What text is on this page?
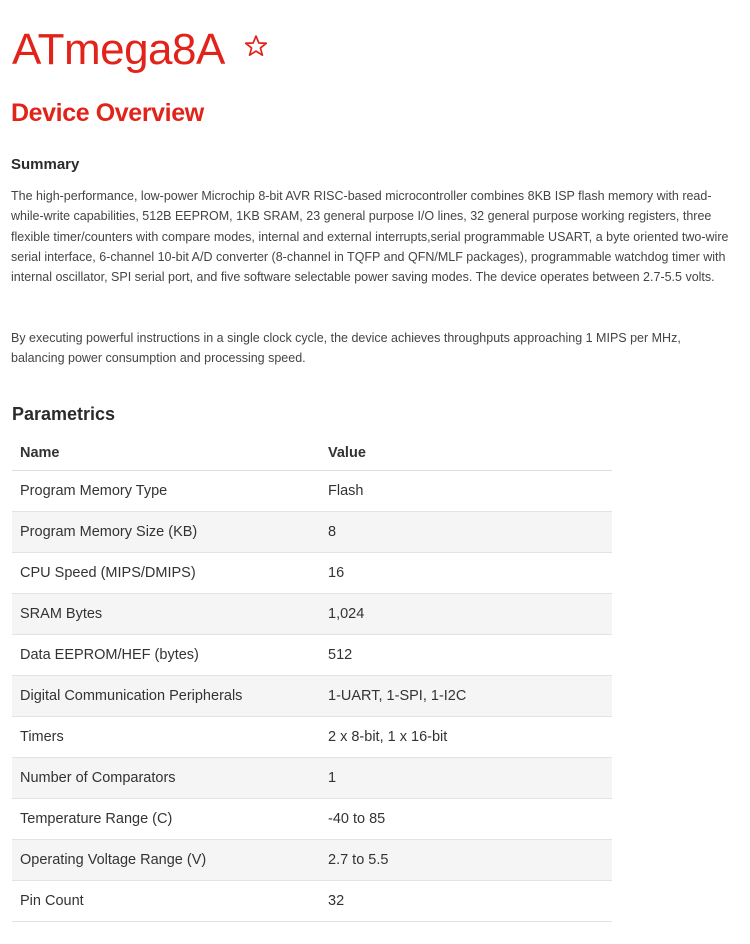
ATmega8A
Device Overview
Summary

The high-performance, low-power Microchip 8-bit AVR RISC-based microcontroller combines 8KB ISP flash memory with read-while-write capabilities, 512B EEPROM, 1KB SRAM, 23 general purpose I/O lines, 32 general purpose working registers, three flexible timer/counters with compare modes, internal and external interrupts,serial programmable USART, a byte oriented two-wire serial interface, 6-channel 10-bit A/D converter (8-channel in TQFP and QFN/MLF packages), programmable watchdog timer with internal oscillator, SPI serial port, and five software selectable power saving modes. The device operates between 2.7-5.5 volts.

By executing powerful instructions in a single clock cycle, the device achieves throughputs approaching 1 MIPS per MHz, balancing power consumption and processing speed.

Parametrics
Name	Value
Program Memory Type	Flash
Program Memory Size (KB)	8
CPU Speed (MIPS/DMIPS)	16
SRAM Bytes	1,024
Data EEPROM/HEF (bytes)	512
Digital Communication Peripherals	1-UART, 1-SPI, 1-I2C
Timers	2 x 8-bit, 1 x 16-bit
Number of Comparators	1
Temperature Range (C)	-40 to 85
Operating Voltage Range (V)	2.7 to 5.5
Pin Count	32
